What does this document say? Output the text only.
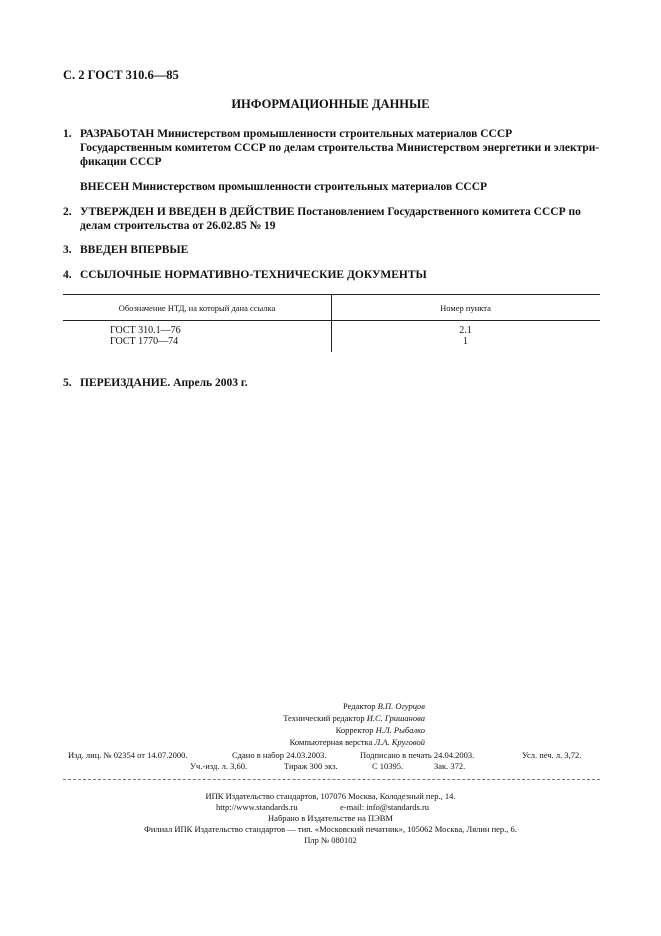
С. 2 ГОСТ 310.6—85
ИНФОРМАЦИОННЫЕ ДАННЫЕ
1. РАЗРАБОТАН Министерством промышленности строительных материалов СССР
Государственным комитетом СССР по делам строительства Министерством энергетики и электри-
фикации СССР
ВНЕСЕН Министерством промышленности строительных материалов СССР
2. УТВЕРЖДЕН И ВВЕДЕН В ДЕЙСТВИЕ Постановлением Государственного комитета СССР по
делам строительства от 26.02.85 № 19
3. ВВЕДЕН ВПЕРВЫЕ
4. ССЫЛОЧНЫЕ НОРМАТИВНО-ТЕХНИЧЕСКИЕ ДОКУМЕНТЫ
Обозначение НТД, на который дана ссылка	Номер пункта
ГОСТ 310.1—76	2.1
ГОСТ 1770—74	1
5. ПЕРЕИЗДАНИЕ. Апрель 2003 г.
Редактор В.П. Огурцов
Технический редактор И.С. Гришанова
Корректор Н.Л. Рыбалко
Компьютерная верстка Л.А. Круговой
Изд. лиц. № 02354 от 14.07.2000.	Сдано в набор 24.03.2003.	Подписано в печать 24.04.2003.	Усл. печ. л. 3,72.
Уч.-изд. л. 3,60.	Тираж 300 экз.	С 10395.	Зак. 372.
ИПК Издательство стандартов, 107076 Москва, Колодезный пер., 14.
http://www.standards.ru	e-mail: info@standards.ru
Набрано в Издательстве на ПЭВМ
Филиал ИПК Издательство стандартов — тип. «Московский печатник», 105062 Москва, Лялин пер., 6.
Плр № 080102
